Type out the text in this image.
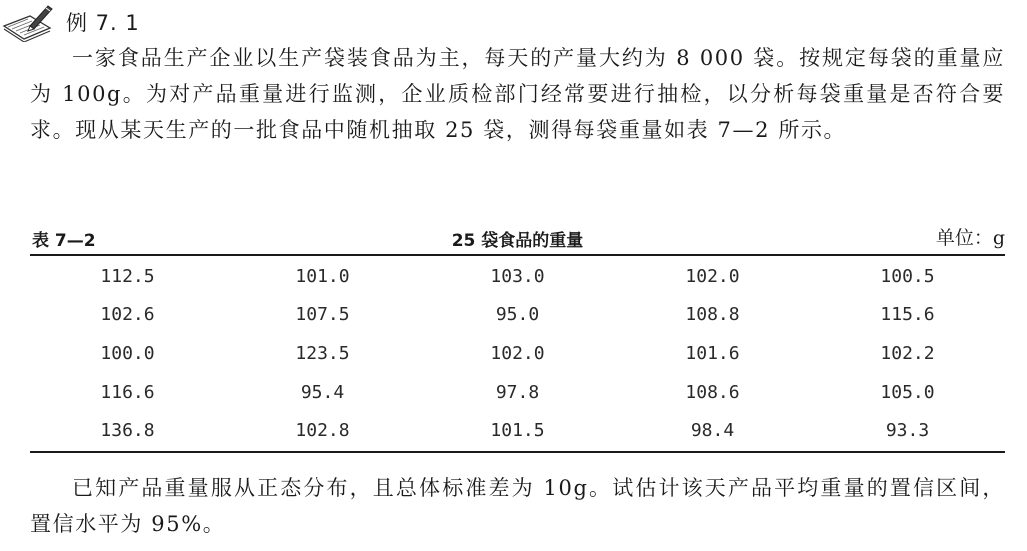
例 7. 1

一家食品生产企业以生产袋装食品为主，每天的产量大约为 8 000 袋。按规定每袋的重量应为 100g。为对产品重量进行监测，企业质检部门经常要进行抽检，以分析每袋重量是否符合要求。现从某天生产的一批食品中随机抽取 25 袋，测得每袋重量如表 7—2 所示。

25 袋食品的重量
表 7—2	单位：g
112.5	101.0	103.0	102.0	100.5
102.6	107.5	95.0	108.8	115.6
100.0	123.5	102.0	101.6	102.2
116.6	95.4	97.8	108.6	105.0
136.8	102.8	101.5	98.4	93.3

已知产品重量服从正态分布，且总体标准差为 10g。试估计该天产品平均重量的置信区间，置信水平为 95%。
